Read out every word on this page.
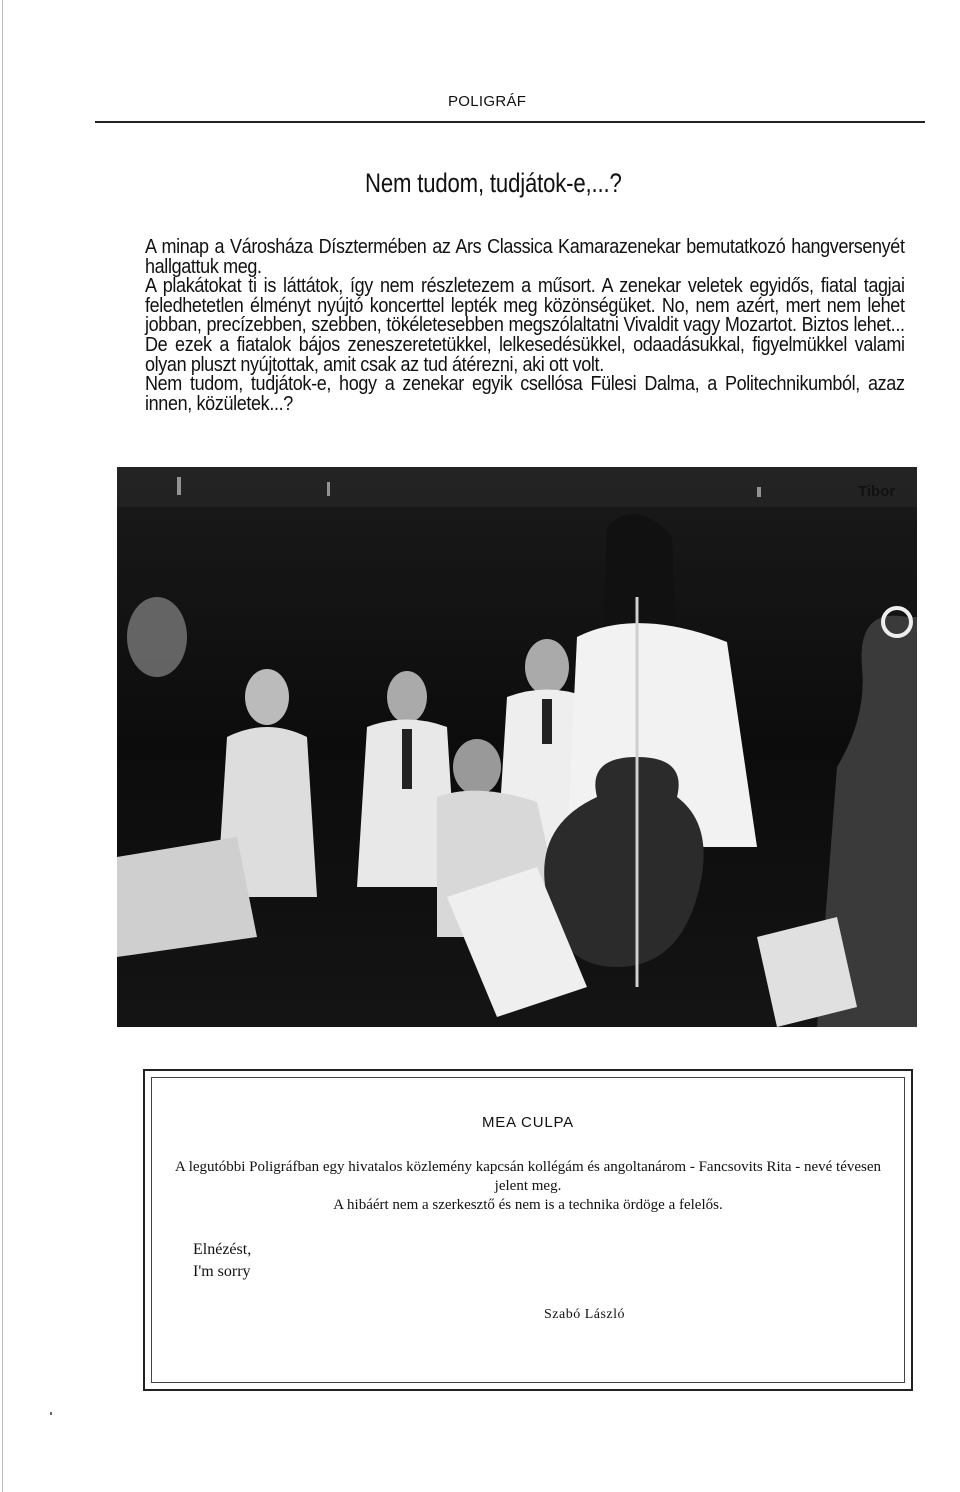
POLIGRÁF
Nem tudom, tudjátok-e,...?

A minap a Városháza Dísztermében az Ars Classica Kamarazenekar bemutatkozó hangversenyét hallgattuk meg.

A plakátokat ti is láttátok, így nem részletezem a műsort. A zenekar veletek egyidős, fiatal tagjai feledhetetlen élményt nyújtó koncerttel lepték meg közönségüket. No, nem azért, mert nem lehet jobban, precízebben, szebben, tökéletesebben megszólaltatni Vivaldit vagy Mozartot. Biztos lehet... De ezek a fiatalok bájos zeneszeretetükkel, lelkesedésükkel, odaadásukkal, figyelmükkel valami olyan pluszt nyújtottak, amit csak az tud átérezni, aki ott volt.

Nem tudom, tudjátok-e, hogy a zenekar egyik csellósa Fülesi Dalma, a Politechnikumból, azaz innen, közületek...?

Tibor
MEA CULPA

A legutóbbi Poligráfban egy hivatalos közlemény kapcsán kollégám és angoltanárom - Fancsovits Rita - nevé tévesen jelent meg.

A hibáért nem a szerkesztő és nem is a technika ördöge a felelős.

Elnézést,

I'm sorry

Szabó László
